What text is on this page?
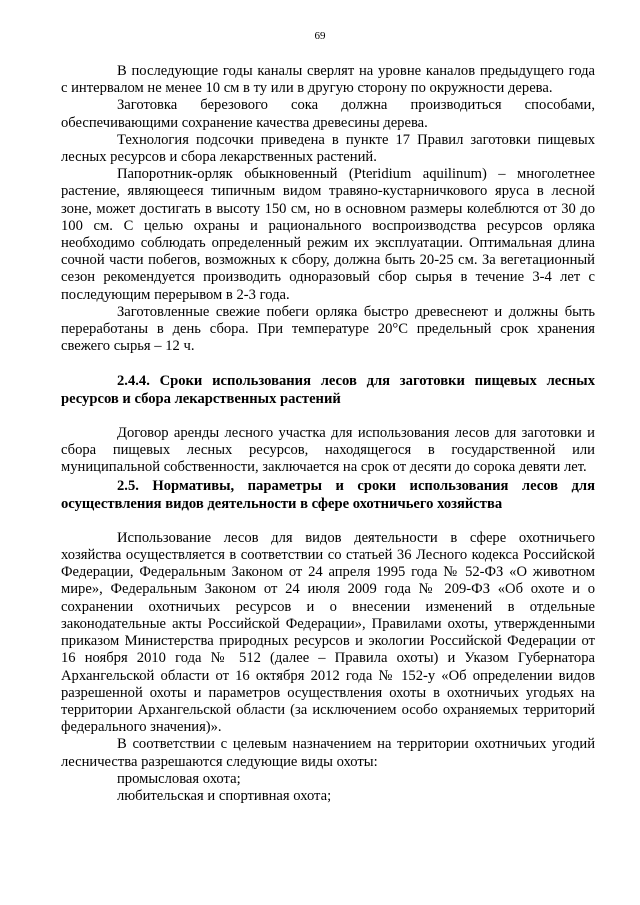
69

В последующие годы каналы сверлят на уровне каналов предыдущего года с интервалом не менее 10 см в ту или в другую сторону по окружности дерева.

Заготовка березового сока должна производиться способами, обеспечивающими сохранение качества древесины дерева.

Технология подсочки приведена в пункте 17 Правил заготовки пищевых лесных ресурсов и сбора лекарственных растений.

Папоротник-орляк обыкновенный (Pteridium aquilinum) – многолетнее растение, являющееся типичным видом травяно-кустарничкового яруса в лесной зоне, может достигать в высоту 150 см, но в основном размеры колеблются от 30 до 100 см. С целью охраны и рационального воспроизводства ресурсов орляка необходимо соблюдать определенный режим их эксплуатации. Оптимальная длина сочной части побегов, возможных к сбору, должна быть 20-25 см. За вегетационный сезон рекомендуется производить одноразовый сбор сырья в течение 3-4 лет с последующим перерывом в 2-3 года.

Заготовленные свежие побеги орляка быстро древеснеют и должны быть переработаны в день сбора. При температуре 20°С предельный срок хранения свежего сырья – 12 ч.

2.4.4. Сроки использования лесов для заготовки пищевых лесных ресурсов и сбора лекарственных растений

Договор аренды лесного участка для использования лесов для заготовки и сбора пищевых лесных ресурсов, находящегося в государственной или муниципальной собственности, заключается на срок от десяти до сорока девяти лет.

2.5. Нормативы, параметры и сроки использования лесов для осуществления видов деятельности в сфере охотничьего хозяйства

Использование лесов для видов деятельности в сфере охотничьего хозяйства осуществляется в соответствии со статьей 36 Лесного кодекса Российской Федерации, Федеральным Законом от 24 апреля 1995 года № 52-ФЗ «О животном мире», Федеральным Законом от 24 июля 2009 года № 209-ФЗ «Об охоте и о сохранении охотничьих ресурсов и о внесении изменений в отдельные законодательные акты Российской Федерации», Правилами охоты, утвержденными приказом Министерства природных ресурсов и экологии Российской Федерации от 16 ноября 2010 года № 512 (далее – Правила охоты) и Указом Губернатора Архангельской области от 16 октября 2012 года № 152-у «Об определении видов разрешенной охоты и параметров осуществления охоты в охотничьих угодьях на территории Архангельской области (за исключением особо охраняемых территорий федерального значения)».

В соответствии с целевым назначением на территории охотничьих угодий лесничества разрешаются следующие виды охоты:

промысловая охота;

любительская и спортивная охота;
